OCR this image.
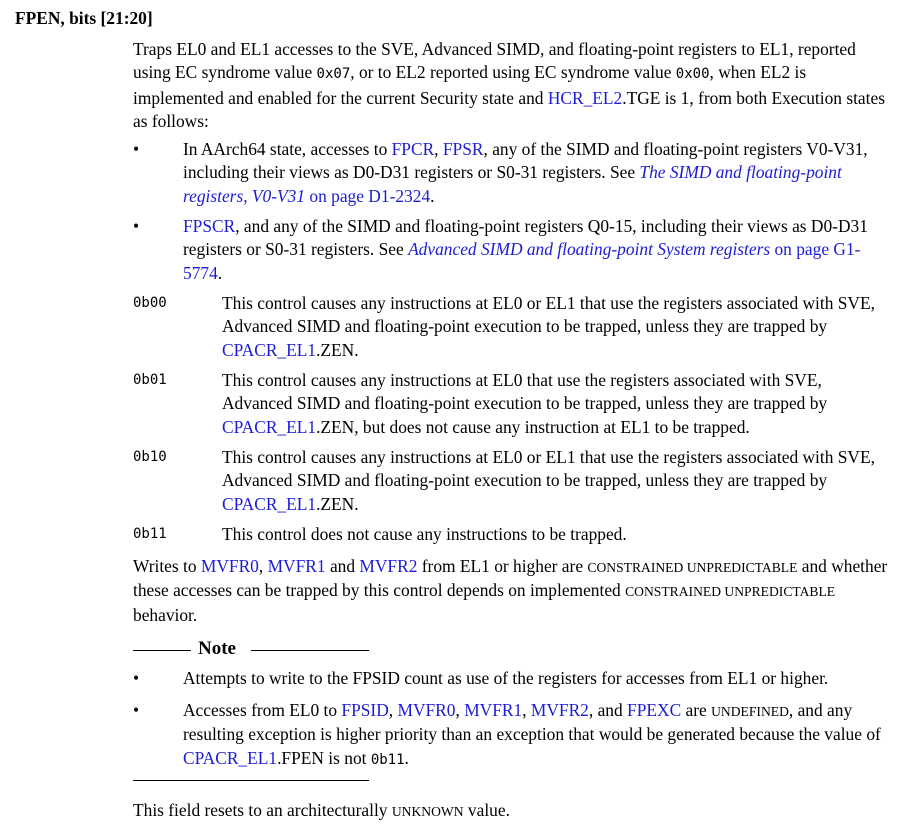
FPEN, bits [21:20]
Traps EL0 and EL1 accesses to the SVE, Advanced SIMD, and floating-point registers to EL1, reported using EC syndrome value 0x07, or to EL2 reported using EC syndrome value 0x00, when EL2 is implemented and enabled for the current Security state and HCR_EL2.TGE is 1, from both Execution states as follows:
•	In AArch64 state, accesses to FPCR, FPSR, any of the SIMD and floating-point registers V0-V31, including their views as D0-D31 registers or S0-31 registers. See The SIMD and floating-point registers, V0-V31 on page D1-2324.
•	FPSCR, and any of the SIMD and floating-point registers Q0-15, including their views as D0-D31 registers or S0-31 registers. See Advanced SIMD and floating-point System registers on page G1-5774.
0b00	This control causes any instructions at EL0 or EL1 that use the registers associated with SVE, Advanced SIMD and floating-point execution to be trapped, unless they are trapped by CPACR_EL1.ZEN.
0b01	This control causes any instructions at EL0 that use the registers associated with SVE, Advanced SIMD and floating-point execution to be trapped, unless they are trapped by CPACR_EL1.ZEN, but does not cause any instruction at EL1 to be trapped.
0b10	This control causes any instructions at EL0 or EL1 that use the registers associated with SVE, Advanced SIMD and floating-point execution to be trapped, unless they are trapped by CPACR_EL1.ZEN.
0b11	This control does not cause any instructions to be trapped.
Writes to MVFR0, MVFR1 and MVFR2 from EL1 or higher are CONSTRAINED UNPREDICTABLE and whether these accesses can be trapped by this control depends on implemented CONSTRAINED UNPREDICTABLE behavior.
Note
•	Attempts to write to the FPSID count as use of the registers for accesses from EL1 or higher.
•	Accesses from EL0 to FPSID, MVFR0, MVFR1, MVFR2, and FPEXC are UNDEFINED, and any resulting exception is higher priority than an exception that would be generated because the value of CPACR_EL1.FPEN is not 0b11.
This field resets to an architecturally UNKNOWN value.
